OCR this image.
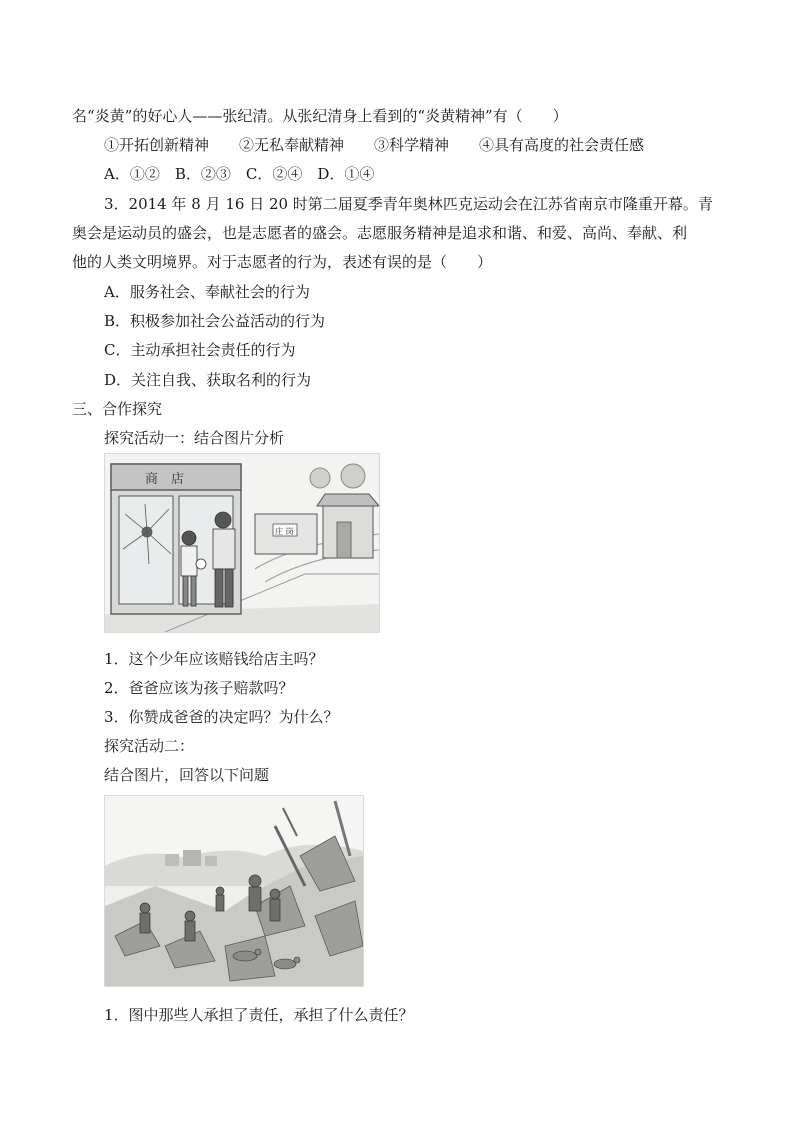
名“炎黄”的好心人——张纪清。从张纪清身上看到的“炎黄精神”有（　　）
①开拓创新精神　　②无私奉献精神　　③科学精神　　④具有高度的社会责任感
A．①②　B．②③　C．②④　D．①④
3．2014 年 8 月 16 日 20 时第二届夏季青年奥林匹克运动会在江苏省南京市隆重开幕。青
奥会是运动员的盛会，也是志愿者的盛会。志愿服务精神是追求和谐、和爱、高尚、奉献、利
他的人类文明境界。对于志愿者的行为，表述有误的是（　　）
A．服务社会、奉献社会的行为
B．积极参加社会公益活动的行为
C．主动承担社会责任的行为
D．关注自我、获取名利的行为
三、合作探究
探究活动一：结合图片分析
商　店
庄 岗
1．这个少年应该赔钱给店主吗？
2．爸爸应该为孩子赔款吗？
3．你赞成爸爸的决定吗？为什么？
探究活动二：
结合图片，回答以下问题
1．图中那些人承担了责任，承担了什么责任？
